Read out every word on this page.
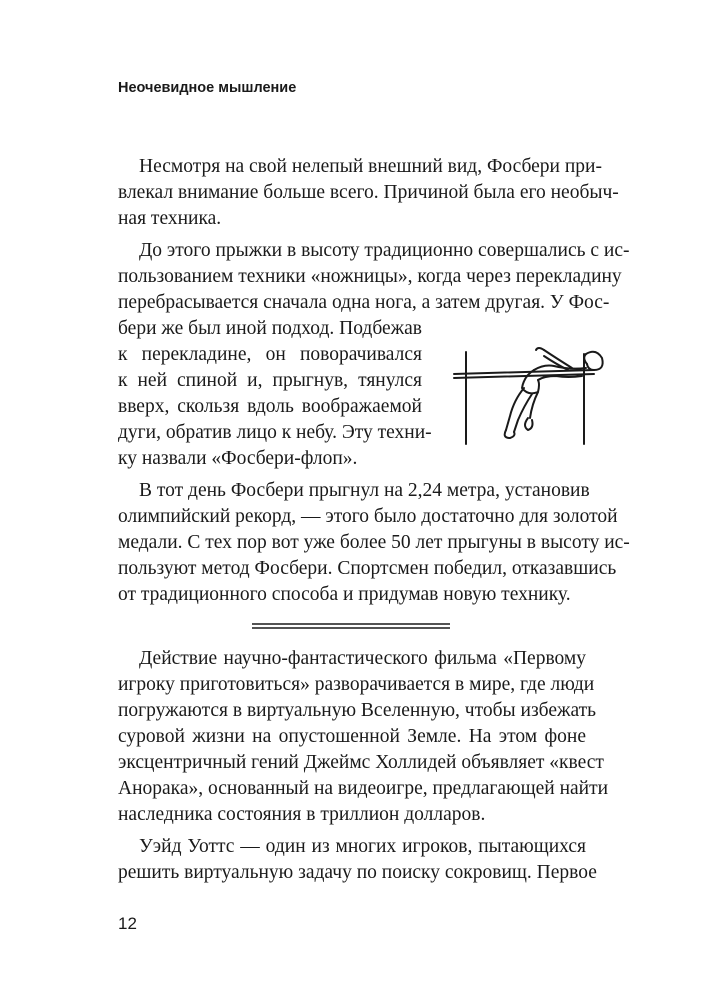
Неочевидное мышление
Несмотря на свой нелепый внешний вид, Фосбери при-
влекал внимание больше всего. Причиной была его необыч-
ная техника.
До этого прыжки в высоту традиционно совершались с ис-
пользованием техники «ножницы», когда через перекладину
перебрасывается сначала одна нога, а затем другая. У Фос-
бери же был иной подход. Подбежав
к перекладине, он поворачивался
к ней спиной и, прыгнув, тянулся
вверх, скользя вдоль воображаемой
дуги, обратив лицо к небу. Эту техни-
ку назвали «Фосбери-флоп».
В тот день Фосбери прыгнул на 2,24 метра, установив
олимпийский рекорд, — этого было достаточно для золотой
медали. С тех пор вот уже более 50 лет прыгуны в высоту ис-
пользуют метод Фосбери. Спортсмен победил, отказавшись
от традиционного способа и придумав новую технику.
Действие научно-фантастического фильма «Первому
игроку приготовиться» разворачивается в мире, где люди
погружаются в виртуальную Вселенную, чтобы избежать
суровой жизни на опустошенной Земле. На этом фоне
эксцентричный гений Джеймс Холлидей объявляет «квест
Анорака», основанный на видеоигре, предлагающей найти
наследника состояния в триллион долларов.
Уэйд Уоттс — один из многих игроков, пытающихся
решить виртуальную задачу по поиску сокровищ. Первое
12
